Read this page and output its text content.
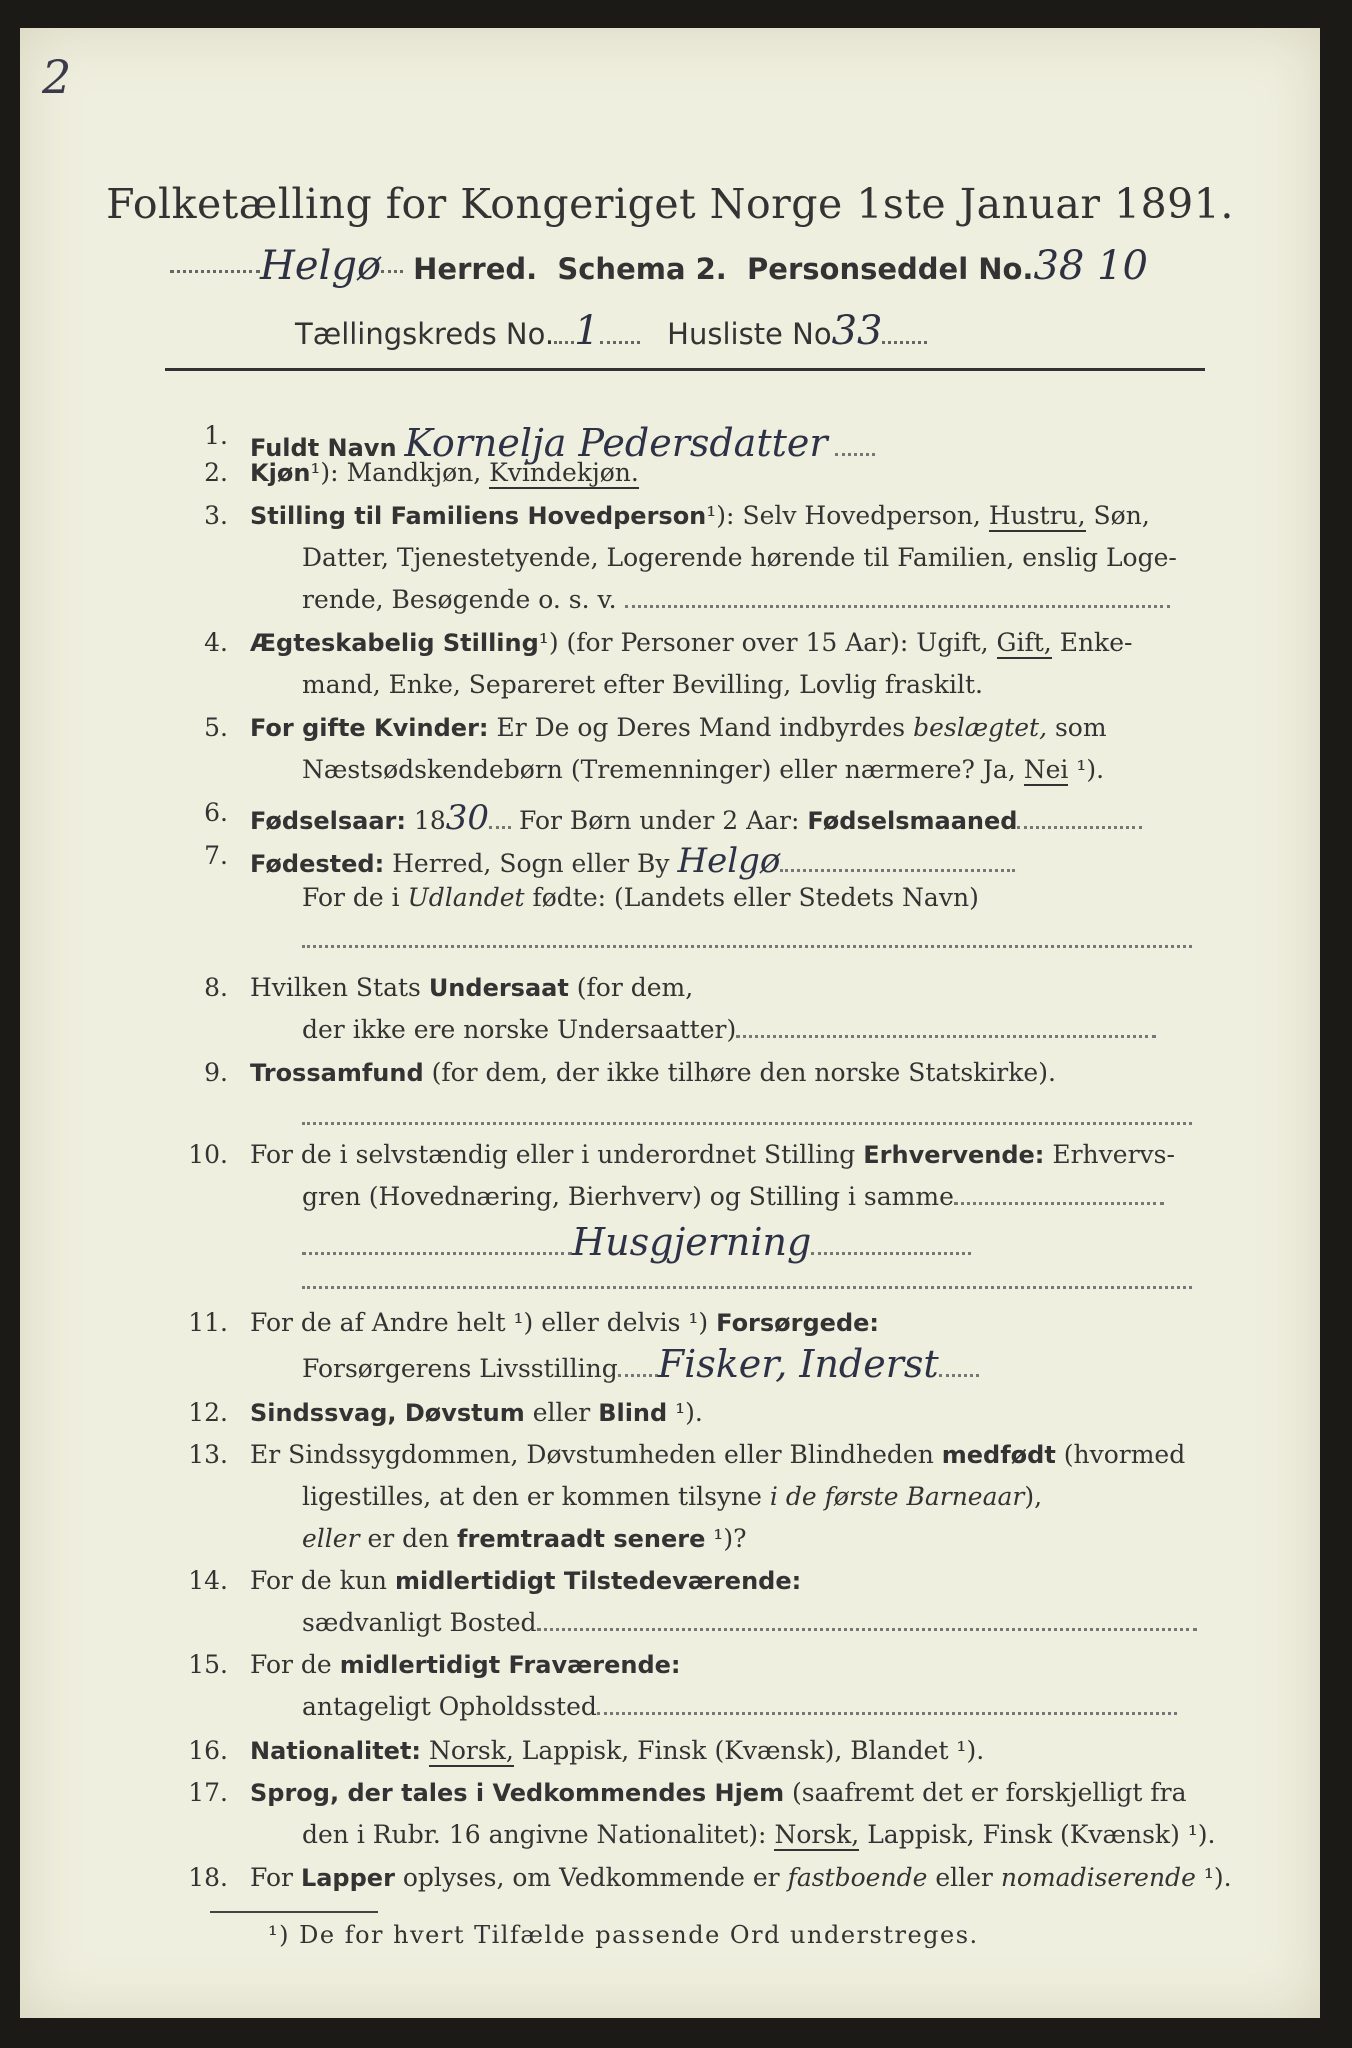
2
Folketælling for Kongeriget Norge 1ste Januar 1891.
Helgø Herred. Schema 2. Personseddel No.38 10
Tællingskreds No. 1 Husliste No33
1. Fuldt Navn Kornelja Pedersdatter
2. Kjøn¹): Mandkjøn, Kvindekjøn.
3. Stilling til Familiens Hovedperson¹): Selv Hovedperson, Hustru, Søn,
Datter, Tjenestetyende, Logerende hørende til Familien, enslig Loge-
rende, Besøgende o. s. v.
4. Ægteskabelig Stilling¹) (for Personer over 15 Aar): Ugift, Gift, Enke-
mand, Enke, Separeret efter Bevilling, Lovlig fraskilt.
5. For gifte Kvinder: Er De og Deres Mand indbyrdes beslægtet, som
Næstsødskendebørn (Tremenninger) eller nærmere? Ja, Nei ¹).
6. Fødselsaar: 1830 For Børn under 2 Aar: Fødselsmaaned
7. Fødested: Herred, Sogn eller By Helgø
For de i Udlandet fødte: (Landets eller Stedets Navn)
8. Hvilken Stats Undersaat (for dem,
der ikke ere norske Undersaatter)
9. Trossamfund (for dem, der ikke tilhøre den norske Statskirke).
10. For de i selvstændig eller i underordnet Stilling Erhvervende: Erhvervs-
gren (Hovednæring, Bierhverv) og Stilling i samme
Husgjerning
11. For de af Andre helt ¹) eller delvis ¹) Forsørgede:
Forsørgerens Livsstilling Fisker, Inderst
12. Sindssvag, Døvstum eller Blind ¹).
13. Er Sindssygdommen, Døvstumheden eller Blindheden medfødt (hvormed
ligestilles, at den er kommen tilsyne i de første Barneaar),
eller er den fremtraadt senere ¹)?
14. For de kun midlertidigt Tilstedeværende:
sædvanligt Bosted
15. For de midlertidigt Fraværende:
antageligt Opholdssted
16. Nationalitet: Norsk, Lappisk, Finsk (Kvænsk), Blandet ¹).
17. Sprog, der tales i Vedkommendes Hjem (saafremt det er forskjelligt fra
den i Rubr. 16 angivne Nationalitet): Norsk, Lappisk, Finsk (Kvænsk) ¹).
18. For Lapper oplyses, om Vedkommende er fastboende eller nomadiserende ¹).
¹) De for hvert Tilfælde passende Ord understreges.
